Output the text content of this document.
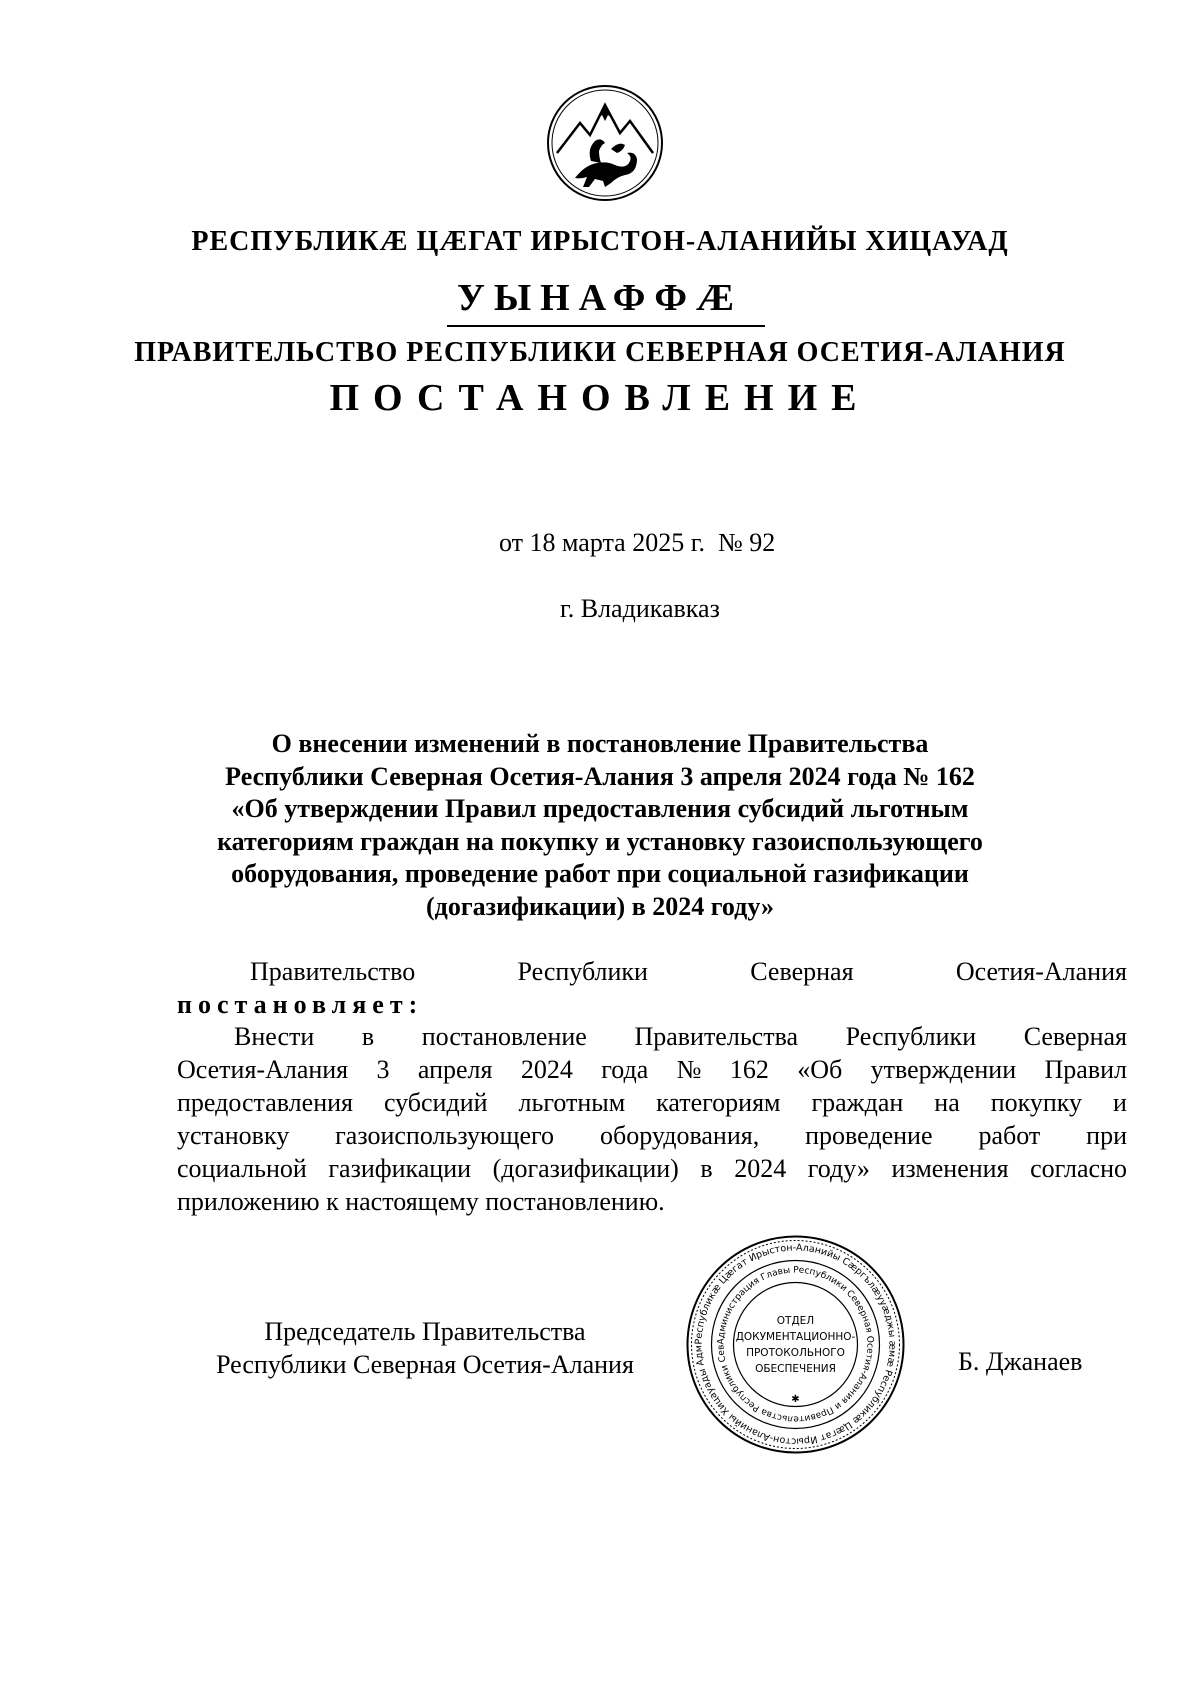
РЕСПУБЛИКÆ ЦÆГАТ ИРЫСТОН-АЛАНИЙЫ ХИЦАУАД
УЫНАФФÆ
ПРАВИТЕЛЬСТВО РЕСПУБЛИКИ СЕВЕРНАЯ ОСЕТИЯ-АЛАНИЯ
ПОСТАНОВЛЕНИЕ
от 18 марта 2025 г.  № 92
г. Владикавказ
О внесении изменений в постановление Правительства
Республики Северная Осетия-Алания 3 апреля 2024 года № 162
«Об утверждении Правил предоставления субсидий льготным
категориям граждан на покупку и установку газоиспользующего
оборудования, проведение работ при социальной газификации
(догазификации) в 2024 году»
Правительство	Республики	Северная	Осетия-Алания
постановляет:
Внести в постановление Правительства Республики Северная
Осетия-Алания 3 апреля 2024 года № 162 «Об утверждении Правил
предоставления субсидий льготным категориям граждан на покупку и
установку газоиспользующего оборудования, проведение работ при
социальной газификации (догазификации) в 2024 году» изменения согласно
приложению к настоящему постановлению.
Председатель Правительства
Республики Северная Осетия-Алания
Республикæ Цæгат Ирыстон-Аланийы Сæргълæууæджы æмæ Республикæ Цæгат Ирыстон-Аланийы Хицауады Адм
Администрация Главы Республики Северная Осетия-Алания и Правительства Республики Сев
ОТДЕЛ
ДОКУМЕНТАЦИОННО-
ПРОТОКОЛЬНОГО
ОБЕСПЕЧЕНИЯ
✱
Б. Джанаев
